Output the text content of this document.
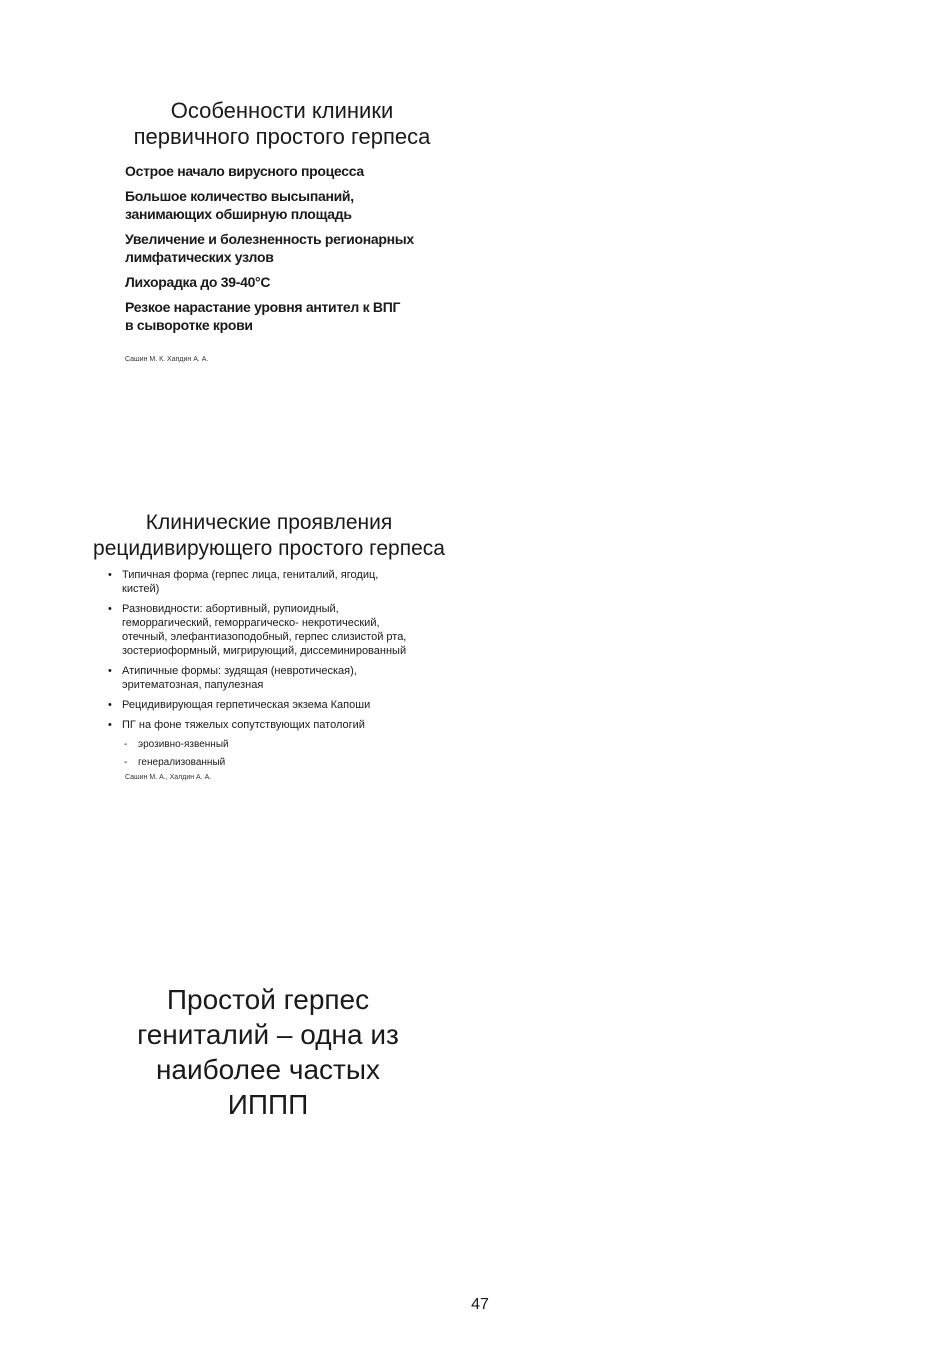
Особенности клиники
первичного простого герпеса
Острое начало вирусного процесса
Большое количество высыпаний,
занимающих обширную площадь
Увеличение и болезненность регионарных
лимфатических узлов
Лихорадка до 39-40°С
Резкое нарастание уровня антител к ВПГ
в сыворотке крови
Сашин М. К. Хапдин А. А.
Клинические проявления
рецидивирующего простого герпеса
• Типичная форма (герпес лица, гениталий, ягодиц,
кистей)
• Разновидности: абортивный, рупиоидный,
геморрагический, геморрагическо- некротический,
отечный, элефантиазоподобный, герпес слизистой рта,
зостериоформный, мигрирующий, диссеминированный
• Атипичные формы: зудящая (невротическая),
эритематозная, папулезная
• Рецидивирующая герпетическая экзема Капоши
• ПГ на фоне тяжелых сопутствующих патологий
- эрозивно-язвенный
- генерализованный
Сашин М. А., Халдин А. А.

Простой герпес
гениталий – одна из
наиболее частых
ИППП

47
